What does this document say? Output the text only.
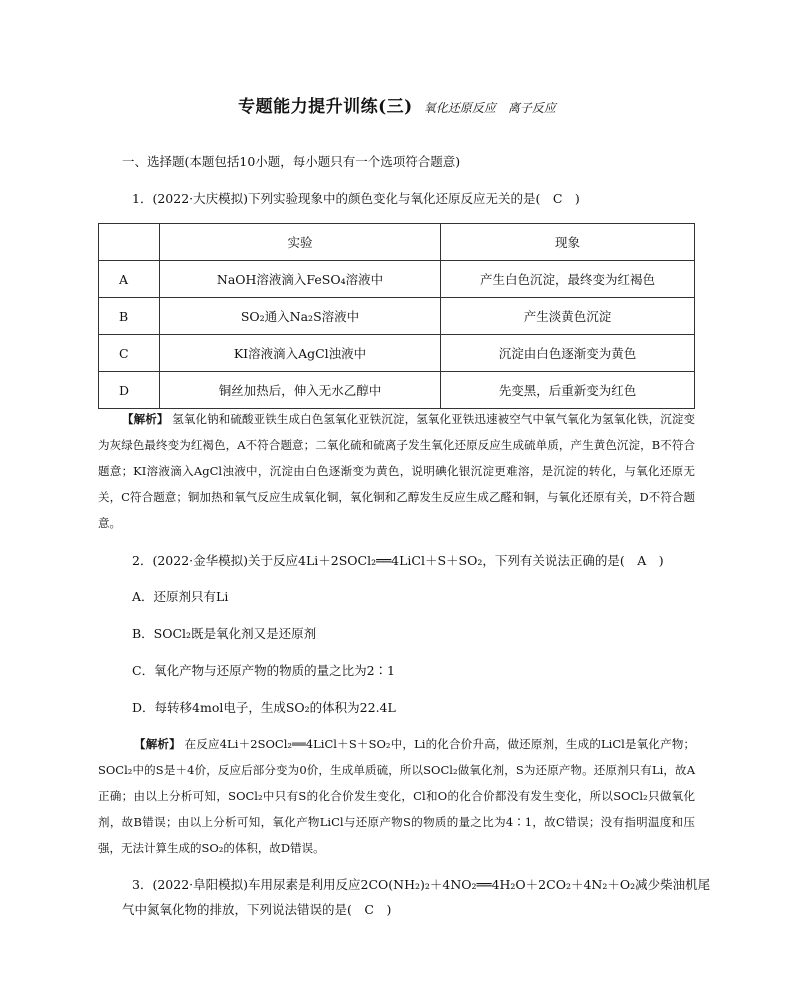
专题能力提升训练(三) 氧化还原反应　离子反应
一、选择题(本题包括10小题，每小题只有一个选项符合题意)
1．(2022·大庆模拟)下列实验现象中的颜色变化与氧化还原反应无关的是(　C　)
	实验	现象
A	NaOH溶液滴入FeSO₄溶液中	产生白色沉淀，最终变为红褐色
B	SO₂通入Na₂S溶液中	产生淡黄色沉淀
C	KI溶液滴入AgCl浊液中	沉淀由白色逐渐变为黄色
D	铜丝加热后，伸入无水乙醇中	先变黑，后重新变为红色
【解析】 氢氧化钠和硫酸亚铁生成白色氢氧化亚铁沉淀，氢氧化亚铁迅速被空气中氧气氧化为氢氧化铁，沉淀变为灰绿色最终变为红褐色，A不符合题意；二氧化硫和硫离子发生氧化还原反应生成硫单质，产生黄色沉淀，B不符合题意；KI溶液滴入AgCl浊液中，沉淀由白色逐渐变为黄色，说明碘化银沉淀更难溶，是沉淀的转化，与氧化还原无关，C符合题意；铜加热和氧气反应生成氧化铜，氧化铜和乙醇发生反应生成乙醛和铜，与氧化还原有关，D不符合题意。
2．(2022·金华模拟)关于反应4Li＋2SOCl₂══4LiCl＋S＋SO₂，下列有关说法正确的是(　A　)
A．还原剂只有Li
B．SOCl₂既是氧化剂又是还原剂
C．氧化产物与还原产物的物质的量之比为2∶1
D．每转移4mol电子，生成SO₂的体积为22.4L
【解析】 在反应4Li＋2SOCl₂══4LiCl＋S＋SO₂中，Li的化合价升高，做还原剂，生成的LiCl是氧化产物；SOCl₂中的S是＋4价，反应后部分变为0价，生成单质硫，所以SOCl₂做氧化剂，S为还原产物。还原剂只有Li，故A正确；由以上分析可知，SOCl₂中只有S的化合价发生变化，Cl和O的化合价都没有发生变化，所以SOCl₂只做氧化剂，故B错误；由以上分析可知，氧化产物LiCl与还原产物S的物质的量之比为4∶1，故C错误；没有指明温度和压强，无法计算生成的SO₂的体积，故D错误。
3．(2022·阜阳模拟)车用尿素是利用反应2CO(NH₂)₂＋4NO₂══4H₂O＋2CO₂＋4N₂＋O₂减少柴油机尾
气中氮氧化物的排放，下列说法错误的是(　C　)
